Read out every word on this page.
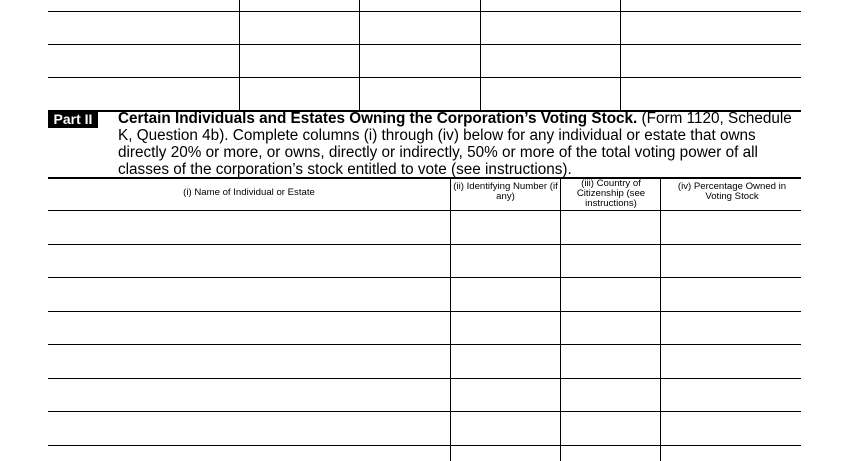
Part II	Certain Individuals and Estates Owning the Corporation’s Voting Stock. (Form 1120, Schedule K, Question 4b). Complete columns (i) through (iv) below for any individual or estate that owns directly 20% or more, or owns, directly or indirectly, 50% or more of the total voting power of all classes of the corporation’s stock entitled to vote (see instructions).
(i) Name of Individual or Estate
(ii) Identifying Number (if any)
(iii) Country of Citizenship (see instructions)
(iv) Percentage Owned in Voting Stock
